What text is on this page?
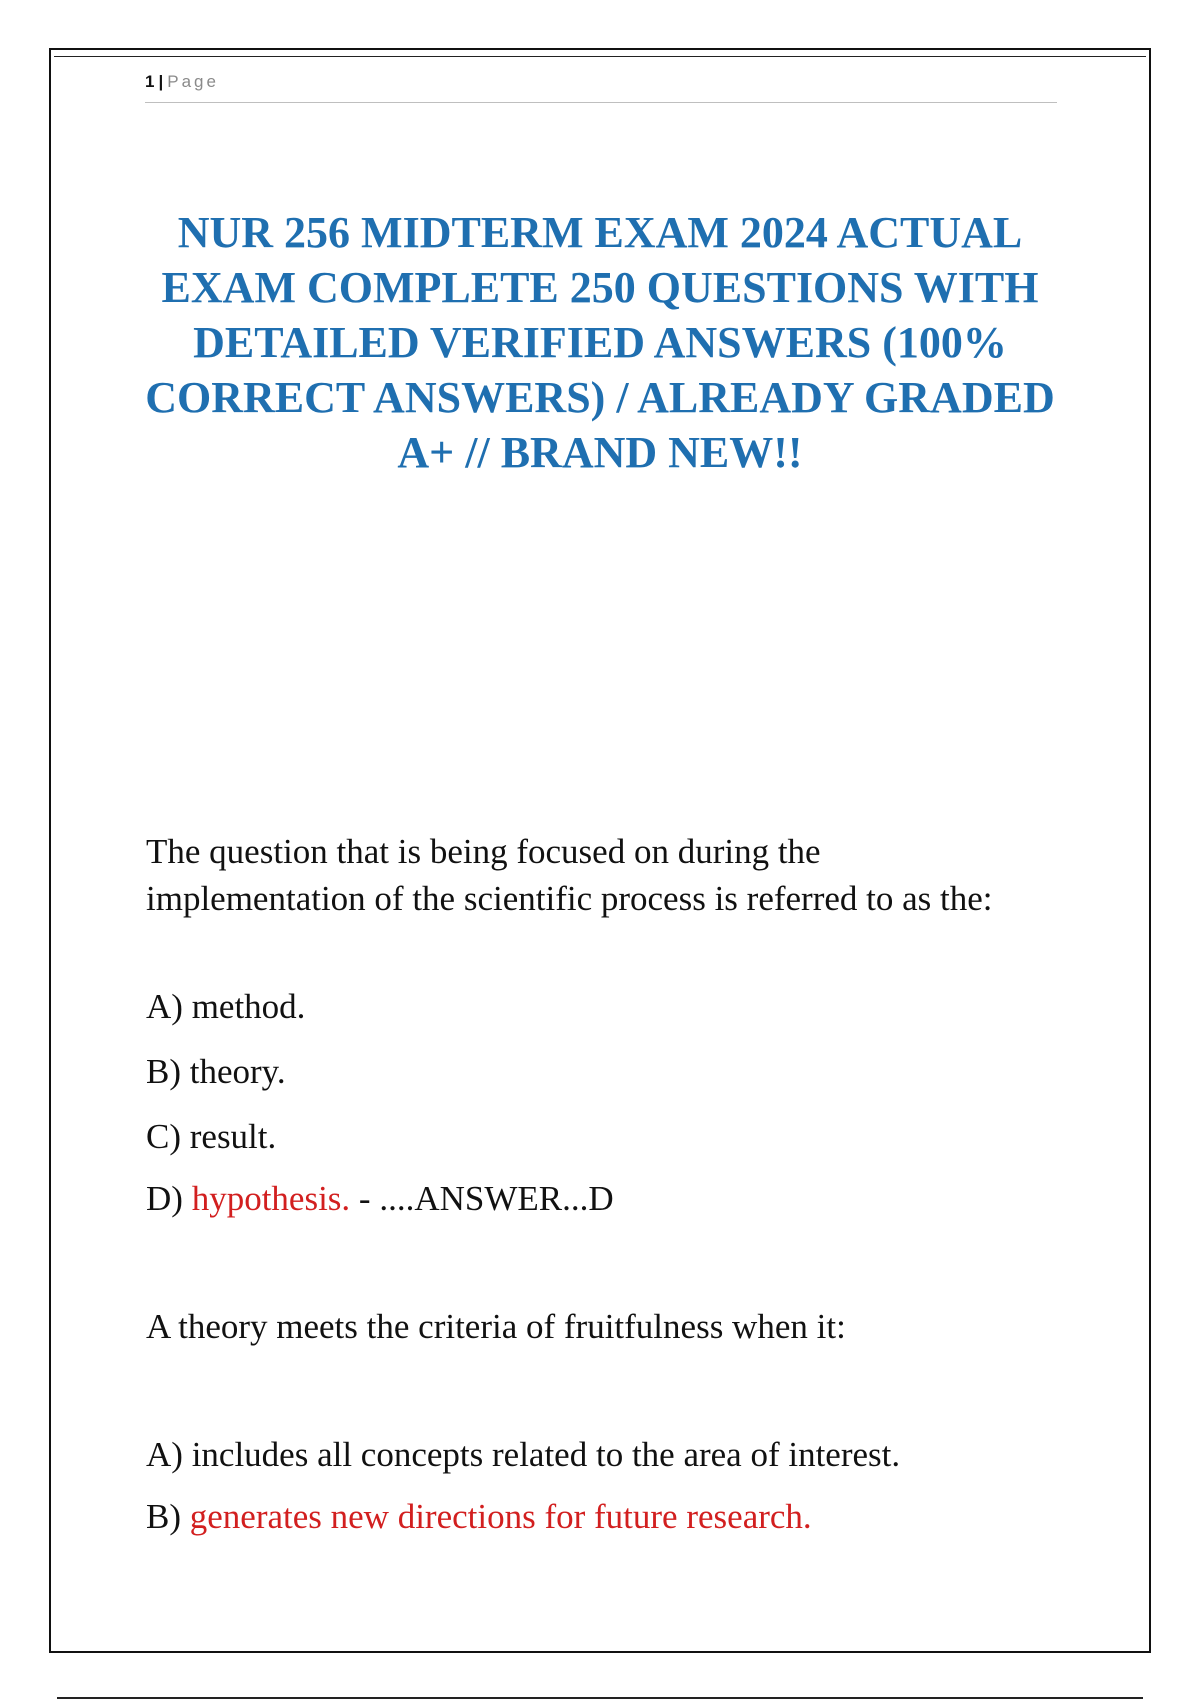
1 | Page
NUR 256 MIDTERM EXAM 2024 ACTUAL EXAM COMPLETE 250 QUESTIONS WITH DETAILED VERIFIED ANSWERS (100% CORRECT ANSWERS) / ALREADY GRADED A+ // BRAND NEW!!
The question that is being focused on during the implementation of the scientific process is referred to as the:
A) method.
B) theory.
C) result.
D) hypothesis. - ....ANSWER...D
A theory meets the criteria of fruitfulness when it:
A) includes all concepts related to the area of interest.
B) generates new directions for future research.
